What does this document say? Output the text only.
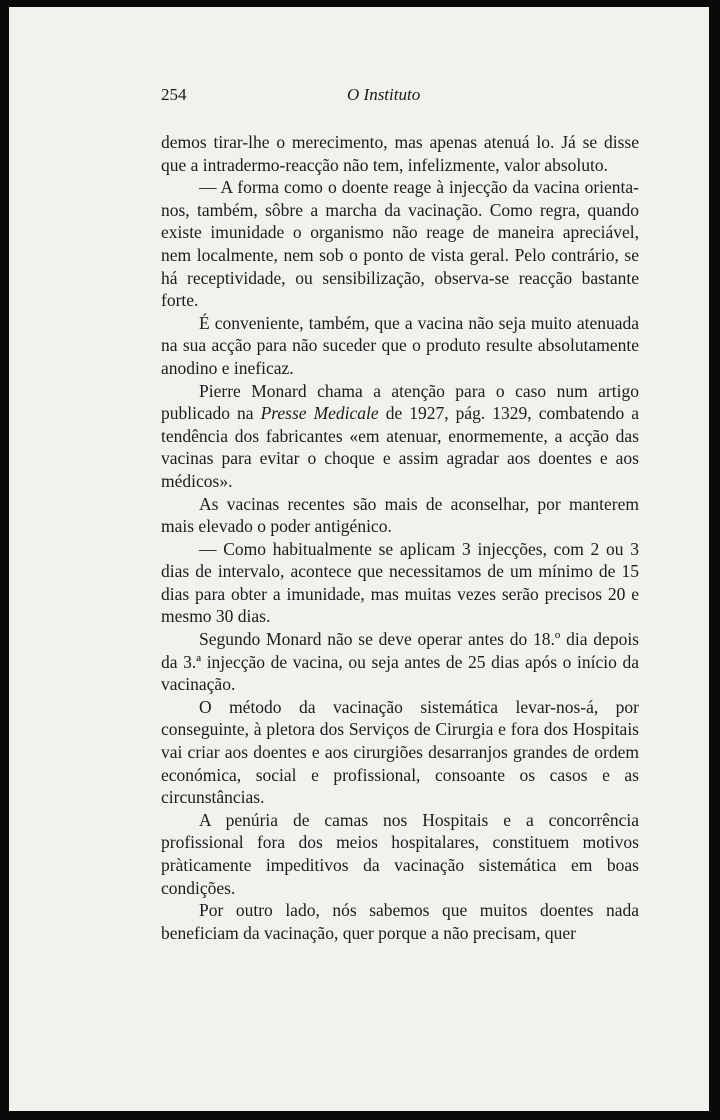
254	O Instituto

demos tirar-lhe o merecimento, mas apenas atenuá lo. Já se disse que a intradermo-reacção não tem, infelizmente, valor absoluto.

— A forma como o doente reage à injecção da vacina orienta-nos, também, sôbre a marcha da vacinação. Como regra, quando existe imunidade o organismo não reage de maneira apreciável, nem localmente, nem sob o ponto de vista geral. Pelo contrário, se há receptividade, ou sensibilização, observa-se reacção bastante forte.

É conveniente, também, que a vacina não seja muito atenuada na sua acção para não suceder que o produto resulte absolutamente anodino e ineficaz.

Pierre Monard chama a atenção para o caso num artigo publicado na Presse Medicale de 1927, pág. 1329, combatendo a tendência dos fabricantes «em atenuar, enormemente, a acção das vacinas para evitar o choque e assim agradar aos doentes e aos médicos».

As vacinas recentes são mais de aconselhar, por manterem mais elevado o poder antigénico.

— Como habitualmente se aplicam 3 injecções, com 2 ou 3 dias de intervalo, acontece que necessitamos de um mínimo de 15 dias para obter a imunidade, mas muitas vezes serão precisos 20 e mesmo 30 dias.

Segundo Monard não se deve operar antes do 18.º dia depois da 3.ª injecção de vacina, ou seja antes de 25 dias após o início da vacinação.

O método da vacinação sistemática levar-nos-á, por conseguinte, à pletora dos Serviços de Cirurgia e fora dos Hospitais vai criar aos doentes e aos cirurgiões desarranjos grandes de ordem económica, social e profissional, consoante os casos e as circunstâncias.

A penúria de camas nos Hospitais e a concorrência profissional fora dos meios hospitalares, constituem motivos pràticamente impeditivos da vacinação sistemática em boas condições.

Por outro lado, nós sabemos que muitos doentes nada beneficiam da vacinação, quer porque a não precisam, quer
